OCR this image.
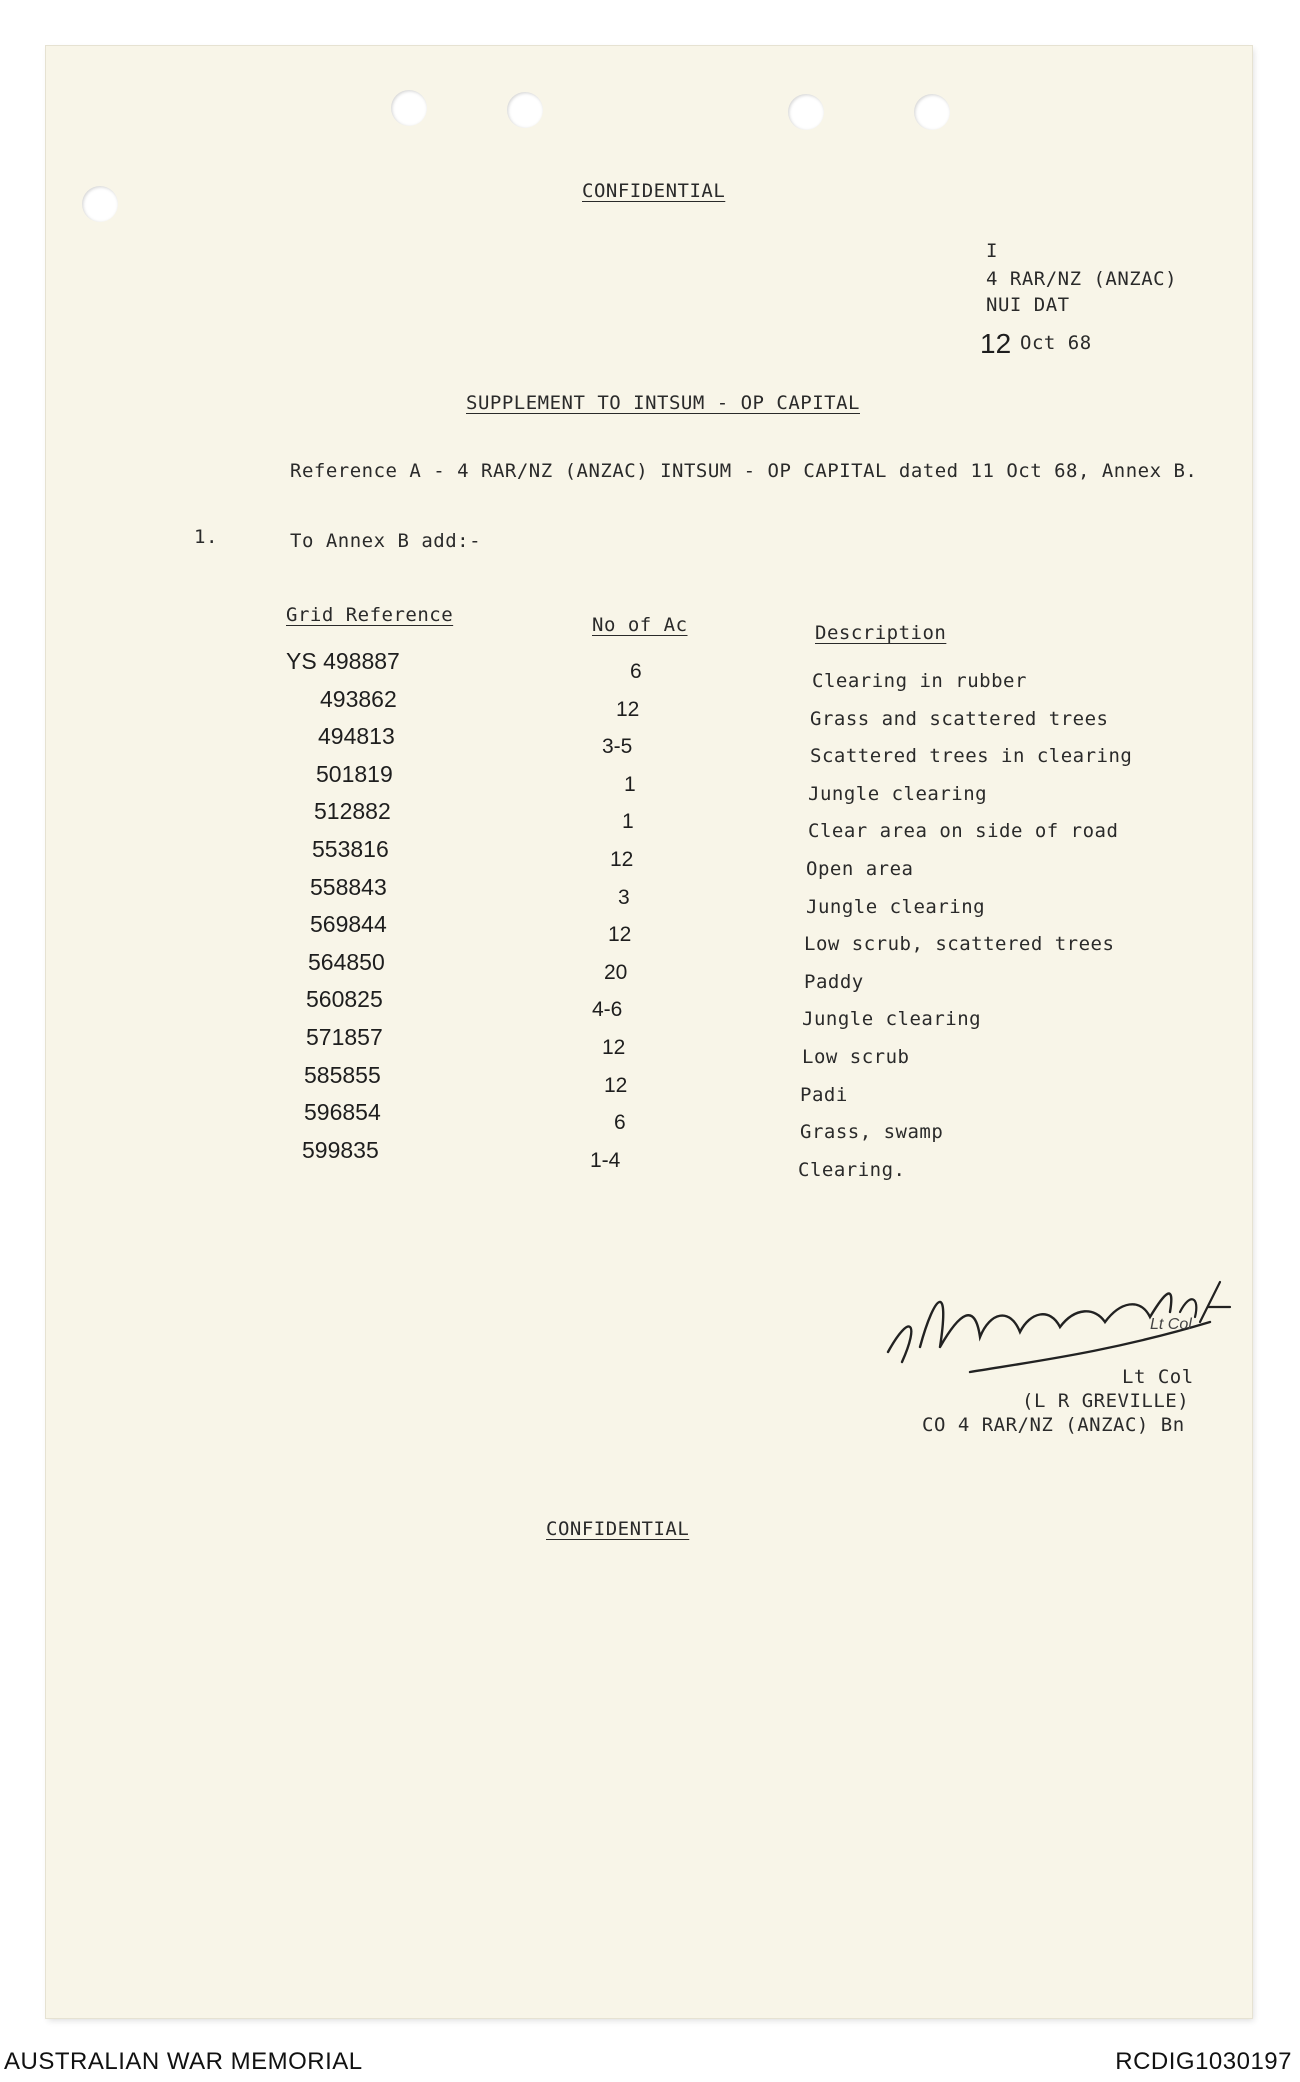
CONFIDENTIAL
I
4 RAR/NZ (ANZAC)
NUI DAT
12 Oct 68
SUPPLEMENT TO INTSUM - OP CAPITAL
Reference A - 4 RAR/NZ (ANZAC) INTSUM - OP CAPITAL dated 11 Oct 68, Annex B.
1.	To Annex B add:-
Grid Reference	No of Ac	Description
YS 498887	6	Clearing in rubber
493862	12	Grass and scattered trees
494813	3-5	Scattered trees in clearing
501819	1	Jungle clearing
512882	1	Clear area on side of road
553816	12	Open area
558843	3	Jungle clearing
569844	12	Low scrub, scattered trees
564850	20	Paddy
560825	4-6	Jungle clearing
571857	12	Low scrub
585855	12	Padi
596854	6	Grass, swamp
599835	1-4	Clearing.
Lt Col
Lt Col
(L R GREVILLE)
CO 4 RAR/NZ (ANZAC) Bn
CONFIDENTIAL
AUSTRALIAN WAR MEMORIAL	RCDIG1030197
